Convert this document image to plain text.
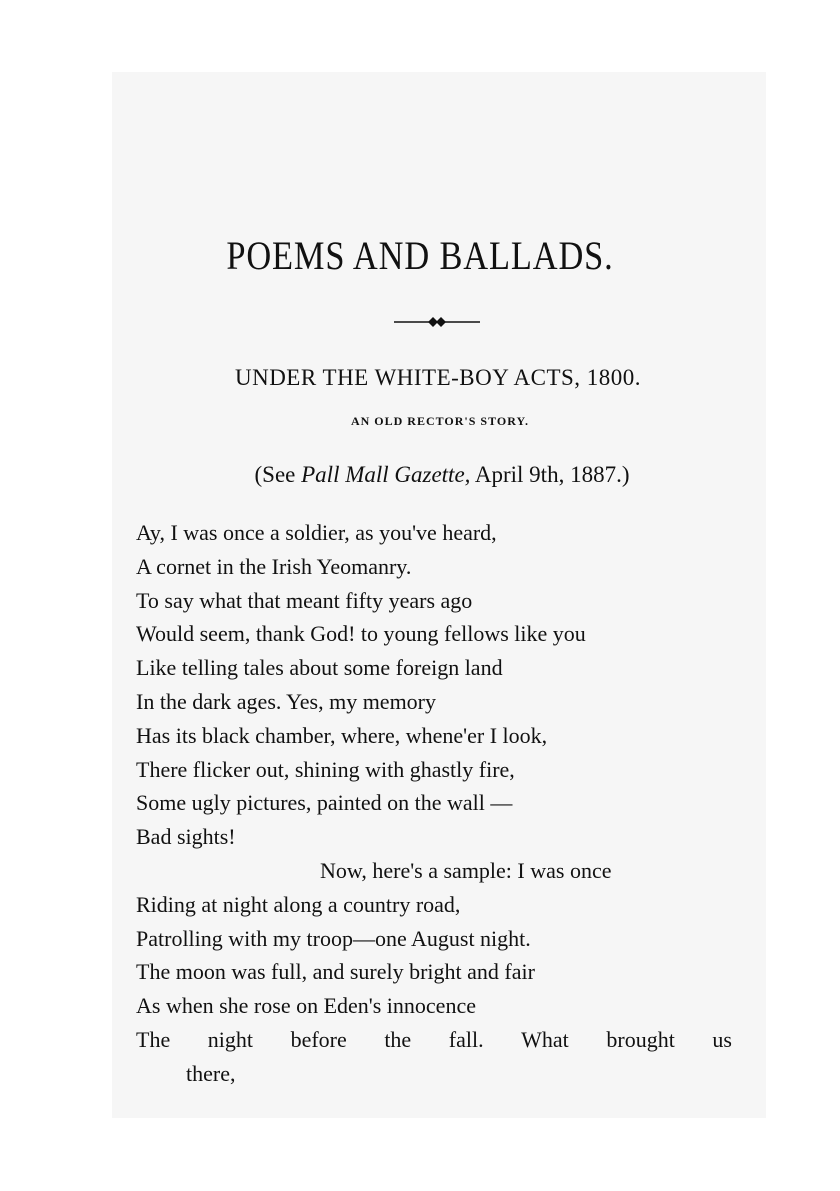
POEMS AND BALLADS.
UNDER THE WHITE-BOY ACTS, 1800.
AN OLD RECTOR'S STORY.
(See Pall Mall Gazette, April 9th, 1887.)
Ay, I was once a soldier, as you've heard,
A cornet in the Irish Yeomanry.
To say what that meant fifty years ago
Would seem, thank God! to young fellows like you
Like telling tales about some foreign land
In the dark ages. Yes, my memory
Has its black chamber, where, whene'er I look,
There flicker out, shining with ghastly fire,
Some ugly pictures, painted on the wall —
Bad sights!
Now, here's a sample: I was once
Riding at night along a country road,
Patrolling with my troop—one August night.
The moon was full, and surely bright and fair
As when she rose on Eden's innocence
The night before the fall. What brought us
there,
